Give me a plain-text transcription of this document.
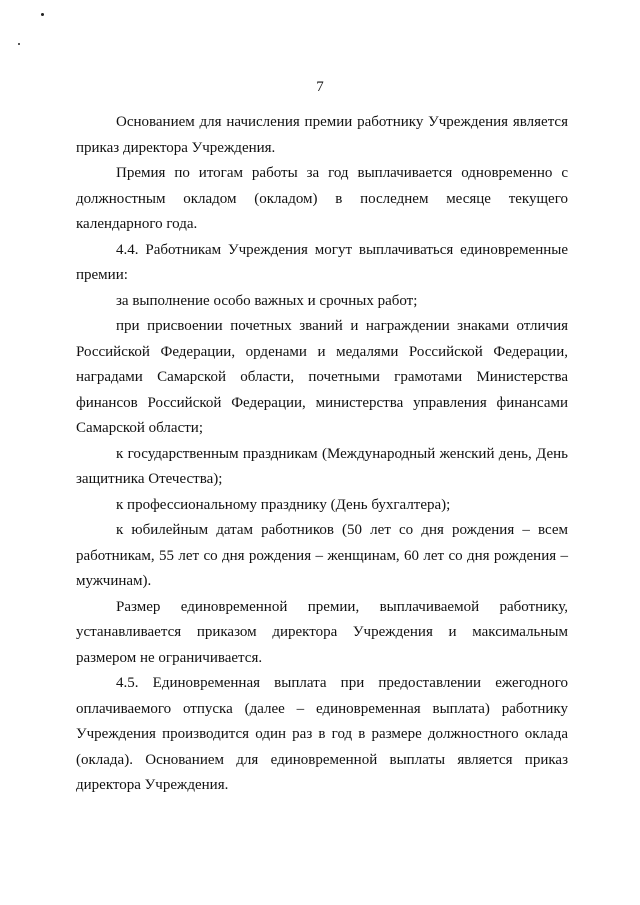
7

Основанием для начисления премии работнику Учреждения является приказ директора Учреждения.

Премия по итогам работы за год выплачивается одновременно с должностным окладом (окладом) в последнем месяце текущего календарного года.

4.4. Работникам Учреждения могут выплачиваться единовременные премии:

за выполнение особо важных и срочных работ;

при присвоении почетных званий и награждении знаками отличия Российской Федерации, орденами и медалями Российской Федерации, наградами Самарской области, почетными грамотами Министерства финансов Российской Федерации, министерства управления финансами Самарской области;

к государственным праздникам (Международный женский день, День защитника Отечества);

к профессиональному празднику (День бухгалтера);

к юбилейным датам работников (50 лет со дня рождения – всем работникам, 55 лет со дня рождения – женщинам, 60 лет со дня рождения – мужчинам).

Размер единовременной премии, выплачиваемой работнику, устанавливается приказом директора Учреждения и максимальным размером не ограничивается.

4.5. Единовременная выплата при предоставлении ежегодного оплачиваемого отпуска (далее – единовременная выплата) работнику Учреждения производится один раз в год в размере должностного оклада (оклада). Основанием для единовременной выплаты является приказ директора Учреждения.
